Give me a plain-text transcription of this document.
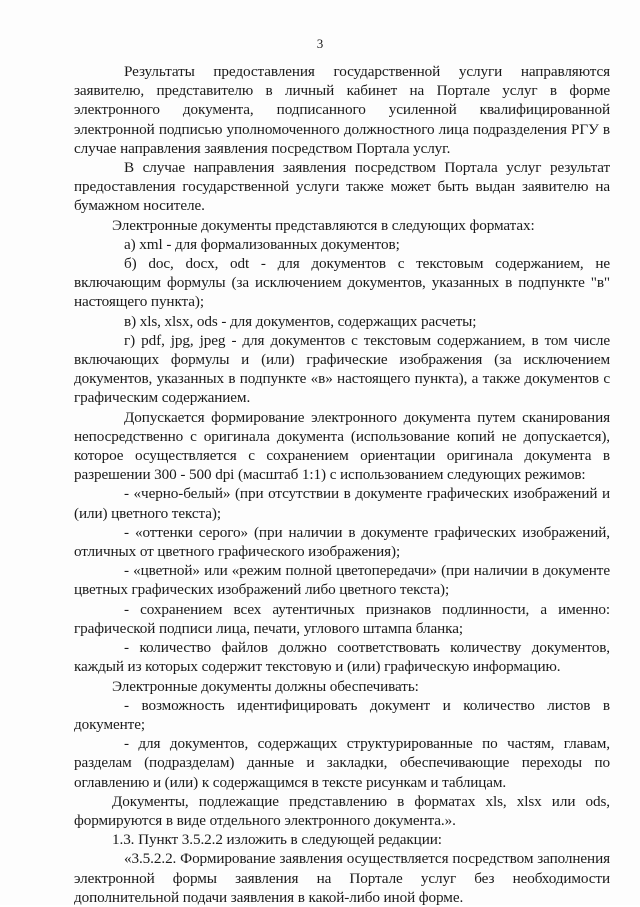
3

Результаты предоставления государственной услуги направляются заявителю, представителю в личный кабинет на Портале услуг в форме электронного документа, подписанного усиленной квалифицированной электронной подписью уполномоченного должностного лица подразделения РГУ в случае направления заявления посредством Портала услуг.

В случае направления заявления посредством Портала услуг результат предоставления государственной услуги также может быть выдан заявителю на бумажном носителе.

Электронные документы представляются в следующих форматах:

а) xml - для формализованных документов;

б) doc, docx, odt - для документов с текстовым содержанием, не включающим формулы (за исключением документов, указанных в подпункте "в" настоящего пункта);

в) xls, xlsx, ods - для документов, содержащих расчеты;

г) pdf, jpg, jpeg - для документов с текстовым содержанием, в том числе включающих формулы и (или) графические изображения (за исключением документов, указанных в подпункте «в» настоящего пункта), а также документов с графическим содержанием.

Допускается формирование электронного документа путем сканирования непосредственно с оригинала документа (использование копий не допускается), которое осуществляется с сохранением ориентации оригинала документа в разрешении 300 - 500 dpi (масштаб 1:1) с использованием следующих режимов:

- «черно-белый» (при отсутствии в документе графических изображений и (или) цветного текста);

- «оттенки серого» (при наличии в документе графических изображений, отличных от цветного графического изображения);

- «цветной» или «режим полной цветопередачи» (при наличии в документе цветных графических изображений либо цветного текста);

- сохранением всех аутентичных признаков подлинности, а именно: графической подписи лица, печати, углового штампа бланка;

- количество файлов должно соответствовать количеству документов, каждый из которых содержит текстовую и (или) графическую информацию.

Электронные документы должны обеспечивать:

- возможность идентифицировать документ и количество листов в документе;

- для документов, содержащих структурированные по частям, главам, разделам (подразделам) данные и закладки, обеспечивающие переходы по оглавлению и (или) к содержащимся в тексте рисункам и таблицам.

Документы, подлежащие представлению в форматах xls, xlsx или ods, формируются в виде отдельного электронного документа.».

1.3. Пункт 3.5.2.2 изложить в следующей редакции:

«3.5.2.2. Формирование заявления осуществляется посредством заполнения электронной формы заявления на Портале услуг без необходимости дополнительной подачи заявления в какой-либо иной форме.
